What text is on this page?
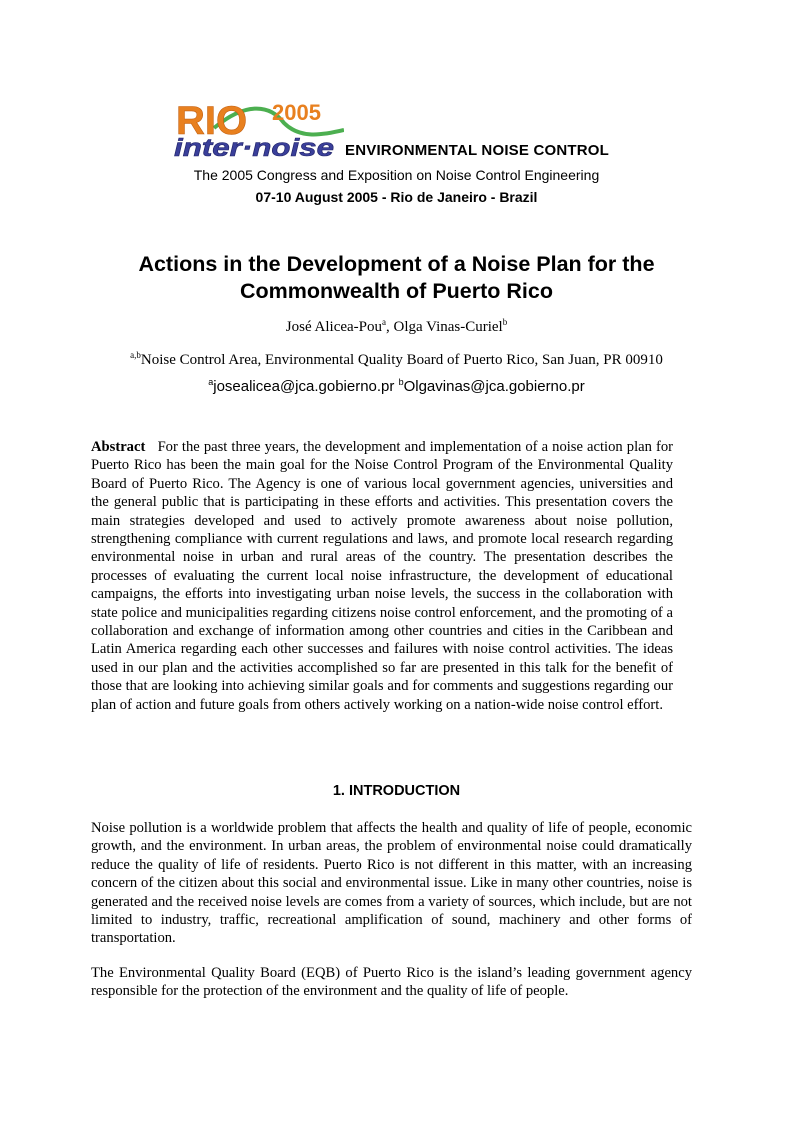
RIO 2005
inter·noise ENVIRONMENTAL NOISE CONTROL
The 2005 Congress and Exposition on Noise Control Engineering
07-10 August 2005 - Rio de Janeiro - Brazil
Actions in the Development of a Noise Plan for the
Commonwealth of Puerto Rico
José Alicea-Pou$^a$, Olga Vinas-Curiel$^b$
$^{a,b}$Noise Control Area, Environmental Quality Board of Puerto Rico, San Juan, PR 00910
$^a$josealicea@jca.gobierno.pr $^b$Olgavinas@jca.gobierno.pr
Abstract For the past three years, the development and implementation of a noise action plan for Puerto Rico has been the main goal for the Noise Control Program of the Environmental Quality Board of Puerto Rico. The Agency is one of various local government agencies, universities and the general public that is participating in these efforts and activities. This presentation covers the main strategies developed and used to actively promote awareness about noise pollution, strengthening compliance with current regulations and laws, and promote local research regarding environmental noise in urban and rural areas of the country. The presentation describes the processes of evaluating the current local noise infrastructure, the development of educational campaigns, the efforts into investigating urban noise levels, the success in the collaboration with state police and municipalities regarding citizens noise control enforcement, and the promoting of a collaboration and exchange of information among other countries and cities in the Caribbean and Latin America regarding each other successes and failures with noise control activities. The ideas used in our plan and the activities accomplished so far are presented in this talk for the benefit of those that are looking into achieving similar goals and for comments and suggestions regarding our plan of action and future goals from others actively working on a nation-wide noise control effort.
1. INTRODUCTION
Noise pollution is a worldwide problem that affects the health and quality of life of people, economic growth, and the environment. In urban areas, the problem of environmental noise could dramatically reduce the quality of life of residents. Puerto Rico is not different in this matter, with an increasing concern of the citizen about this social and environmental issue. Like in many other countries, noise is generated and the received noise levels are comes from a variety of sources, which include, but are not limited to industry, traffic, recreational amplification of sound, machinery and other forms of transportation.
The Environmental Quality Board (EQB) of Puerto Rico is the island’s leading government agency responsible for the protection of the environment and the quality of life of people.
